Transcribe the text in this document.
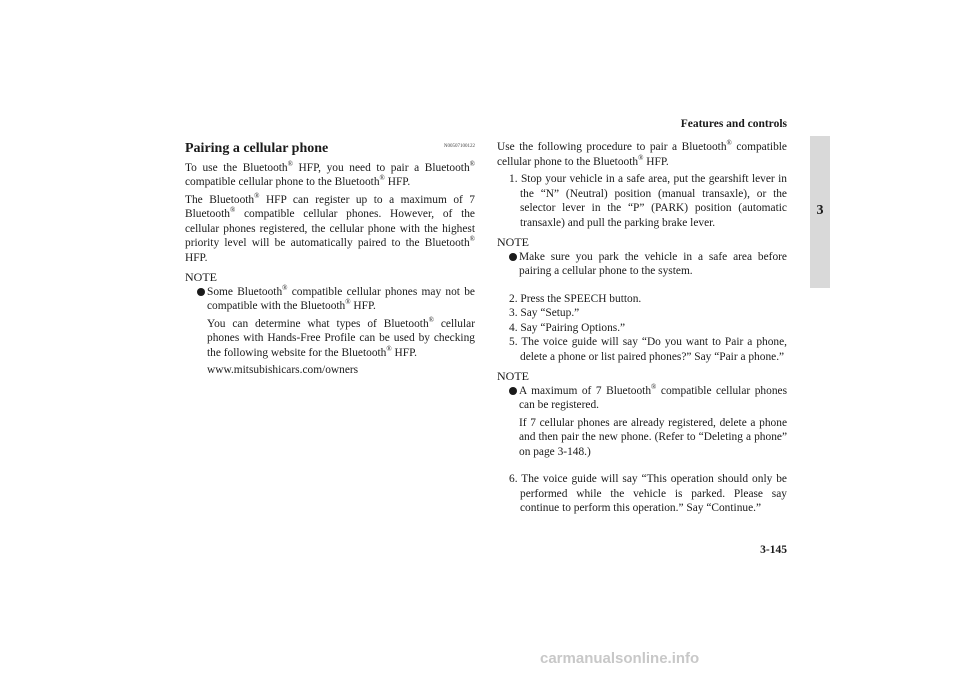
Features and controls
3
Pairing a cellular phone	N00507100122

To use the Bluetooth® HFP, you need to pair a Bluetooth® compatible cellular phone to the Bluetooth® HFP.

The Bluetooth® HFP can register up to a maximum of 7 Bluetooth® compatible cellular phones. However, of the cellular phones registered, the cellular phone with the highest priority level will be automatically paired to the Bluetooth® HFP.

NOTE

Some Bluetooth® compatible cellular phones may not be compatible with the Bluetooth® HFP.

You can determine what types of Bluetooth® cellular phones with Hands-Free Profile can be used by checking the following website for the Bluetooth® HFP.

www.mitsubishicars.com/owners

Use the following procedure to pair a Bluetooth® compatible cellular phone to the Bluetooth® HFP.

1. Stop your vehicle in a safe area, put the gearshift lever in the “N” (Neutral) position (manual transaxle), or the selector lever in the “P” (PARK) position (automatic transaxle) and pull the parking brake lever.

NOTE

Make sure you park the vehicle in a safe area before pairing a cellular phone to the system.

2. Press the SPEECH button.

3. Say “Setup.”

4. Say “Pairing Options.”

5. The voice guide will say “Do you want to Pair a phone, delete a phone or list paired phones?” Say “Pair a phone.”

NOTE

A maximum of 7 Bluetooth® compatible cellular phones can be registered.

If 7 cellular phones are already registered, delete a phone and then pair the new phone. (Refer to “Deleting a phone” on page 3-148.)

6. The voice guide will say “This operation should only be performed while the vehicle is parked. Please say continue to perform this operation.” Say “Continue.”

3-145
carmanualsonline.info
